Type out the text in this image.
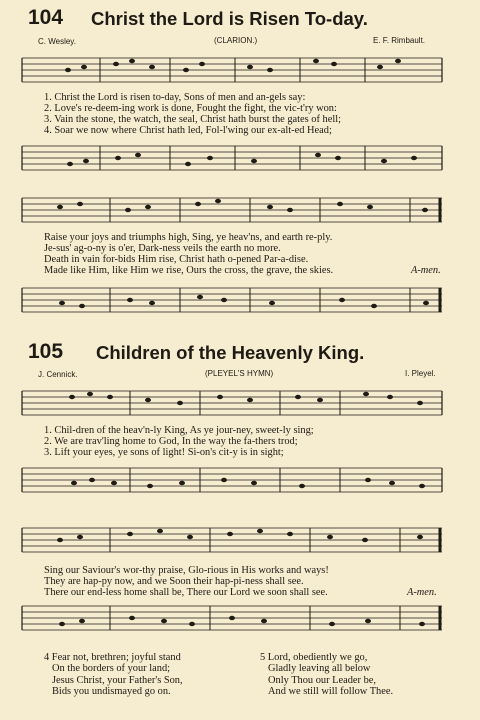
104 Christ the Lord is Risen To-day.
C. Wesley.	(CLARION.)	E. F. Rimbault.
1. Christ the Lord is risen to-day, Sons of men and an-gels say:
2. Love's re-deem-ing work is done, Fought the fight, the vic-t'ry won:
3. Vain the stone, the watch, the seal, Christ hath burst the gates of hell;
4. Soar we now where Christ hath led, Fol-l'wing our ex-alt-ed Head;
Raise your joys and triumphs high, Sing, ye heav'ns, and earth re-ply.
Je-sus' ag-o-ny is o'er, Dark-ness veils the earth no more.
Death in vain for-bids Him rise, Christ hath o-pened Par-a-dise.
Made like Him, like Him we rise, Ours the cross, the grave, the skies.	A-men.
105 Children of the Heavenly King.
J. Cennick.	(PLEYEL'S HYMN)	I. Pleyel.
1. Chil-dren of the heav'n-ly King, As ye jour-ney, sweet-ly sing;
2. We are trav'ling home to God, In the way the fa-thers trod;
3. Lift your eyes, ye sons of light! Si-on's cit-y is in sight;
Sing our Saviour's wor-thy praise, Glo-rious in His works and ways!
They are hap-py now, and we Soon their hap-pi-ness shall see.
There our end-less home shall be, There our Lord we soon shall see.	A-men.
4 Fear not, brethren; joyful stand
On the borders of your land;
Jesus Christ, your Father's Son,
Bids you undismayed go on.
5 Lord, obediently we go,
Gladly leaving all below
Only Thou our Leader be,
And we still will follow Thee.
